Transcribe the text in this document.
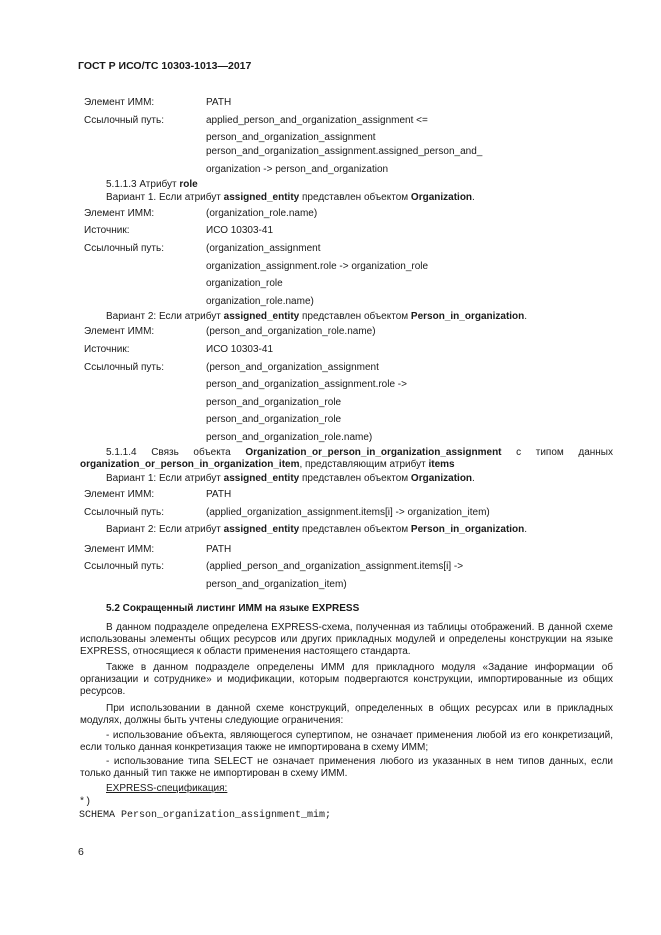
ГОСТ Р ИСО/ТС 10303-1013—2017
Элемент ИММ:	PATH
Ссылочный путь:	applied_person_and_organization_assignment <=
person_and_organization_assignment
person_and_organization_assignment.assigned_person_and_
organization -> person_and_organization
5.1.1.3 Атрибут role
Вариант 1. Если атрибут assigned_entity представлен объектом Organization.
Элемент ИММ:	(organization_role.name)
Источник:	ИСО 10303-41
Ссылочный путь:	(organization_assignment
organization_assignment.role -> organization_role
organization_role
organization_role.name)
Вариант 2: Если атрибут assigned_entity представлен объектом Person_in_organization.
Элемент ИММ:	(person_and_organization_role.name)
Источник:	ИСО 10303-41
Ссылочный путь:	(person_and_organization_assignment
person_and_organization_assignment.role ->
person_and_organization_role
person_and_organization_role
person_and_organization_role.name)
5.1.1.4 Связь объекта Organization_or_person_in_organization_assignment с типом данных
organization_or_person_in_organization_item, представляющим атрибут items
Вариант 1: Если атрибут assigned_entity представлен объектом Organization.
Элемент ИММ:	PATH
Ссылочный путь:	(applied_organization_assignment.items[i] -> organization_item)
Вариант 2: Если атрибут assigned_entity представлен объектом Person_in_organization.
Элемент ИММ:	PATH
Ссылочный путь:	(applied_person_and_organization_assignment.items[i] ->
person_and_organization_item)
5.2 Сокращенный листинг ИММ на языке EXPRESS
В данном подразделе определена EXPRESS-схема, полученная из таблицы отображений. В данной схеме использованы элементы общих ресурсов или других прикладных модулей и определены конструкции на языке EXPRESS, относящиеся к области применения настоящего стандарта.
Также в данном подразделе определены ИММ для прикладного модуля «Задание информации об организации и сотруднике» и модификации, которым подвергаются конструкции, импортированные из общих ресурсов.
При использовании в данной схеме конструкций, определенных в общих ресурсах или в прикладных модулях, должны быть учтены следующие ограничения:
- использование объекта, являющегося супертипом, не означает применения любой из его конкретизаций, если только данная конкретизация также не импортирована в схему ИММ;
- использование типа SELECT не означает применения любого из указанных в нем типов данных, если только данный тип также не импортирован в схему ИММ.
EXPRESS-спецификация:
*)
SCHEMA Person_organization_assignment_mim;
6
